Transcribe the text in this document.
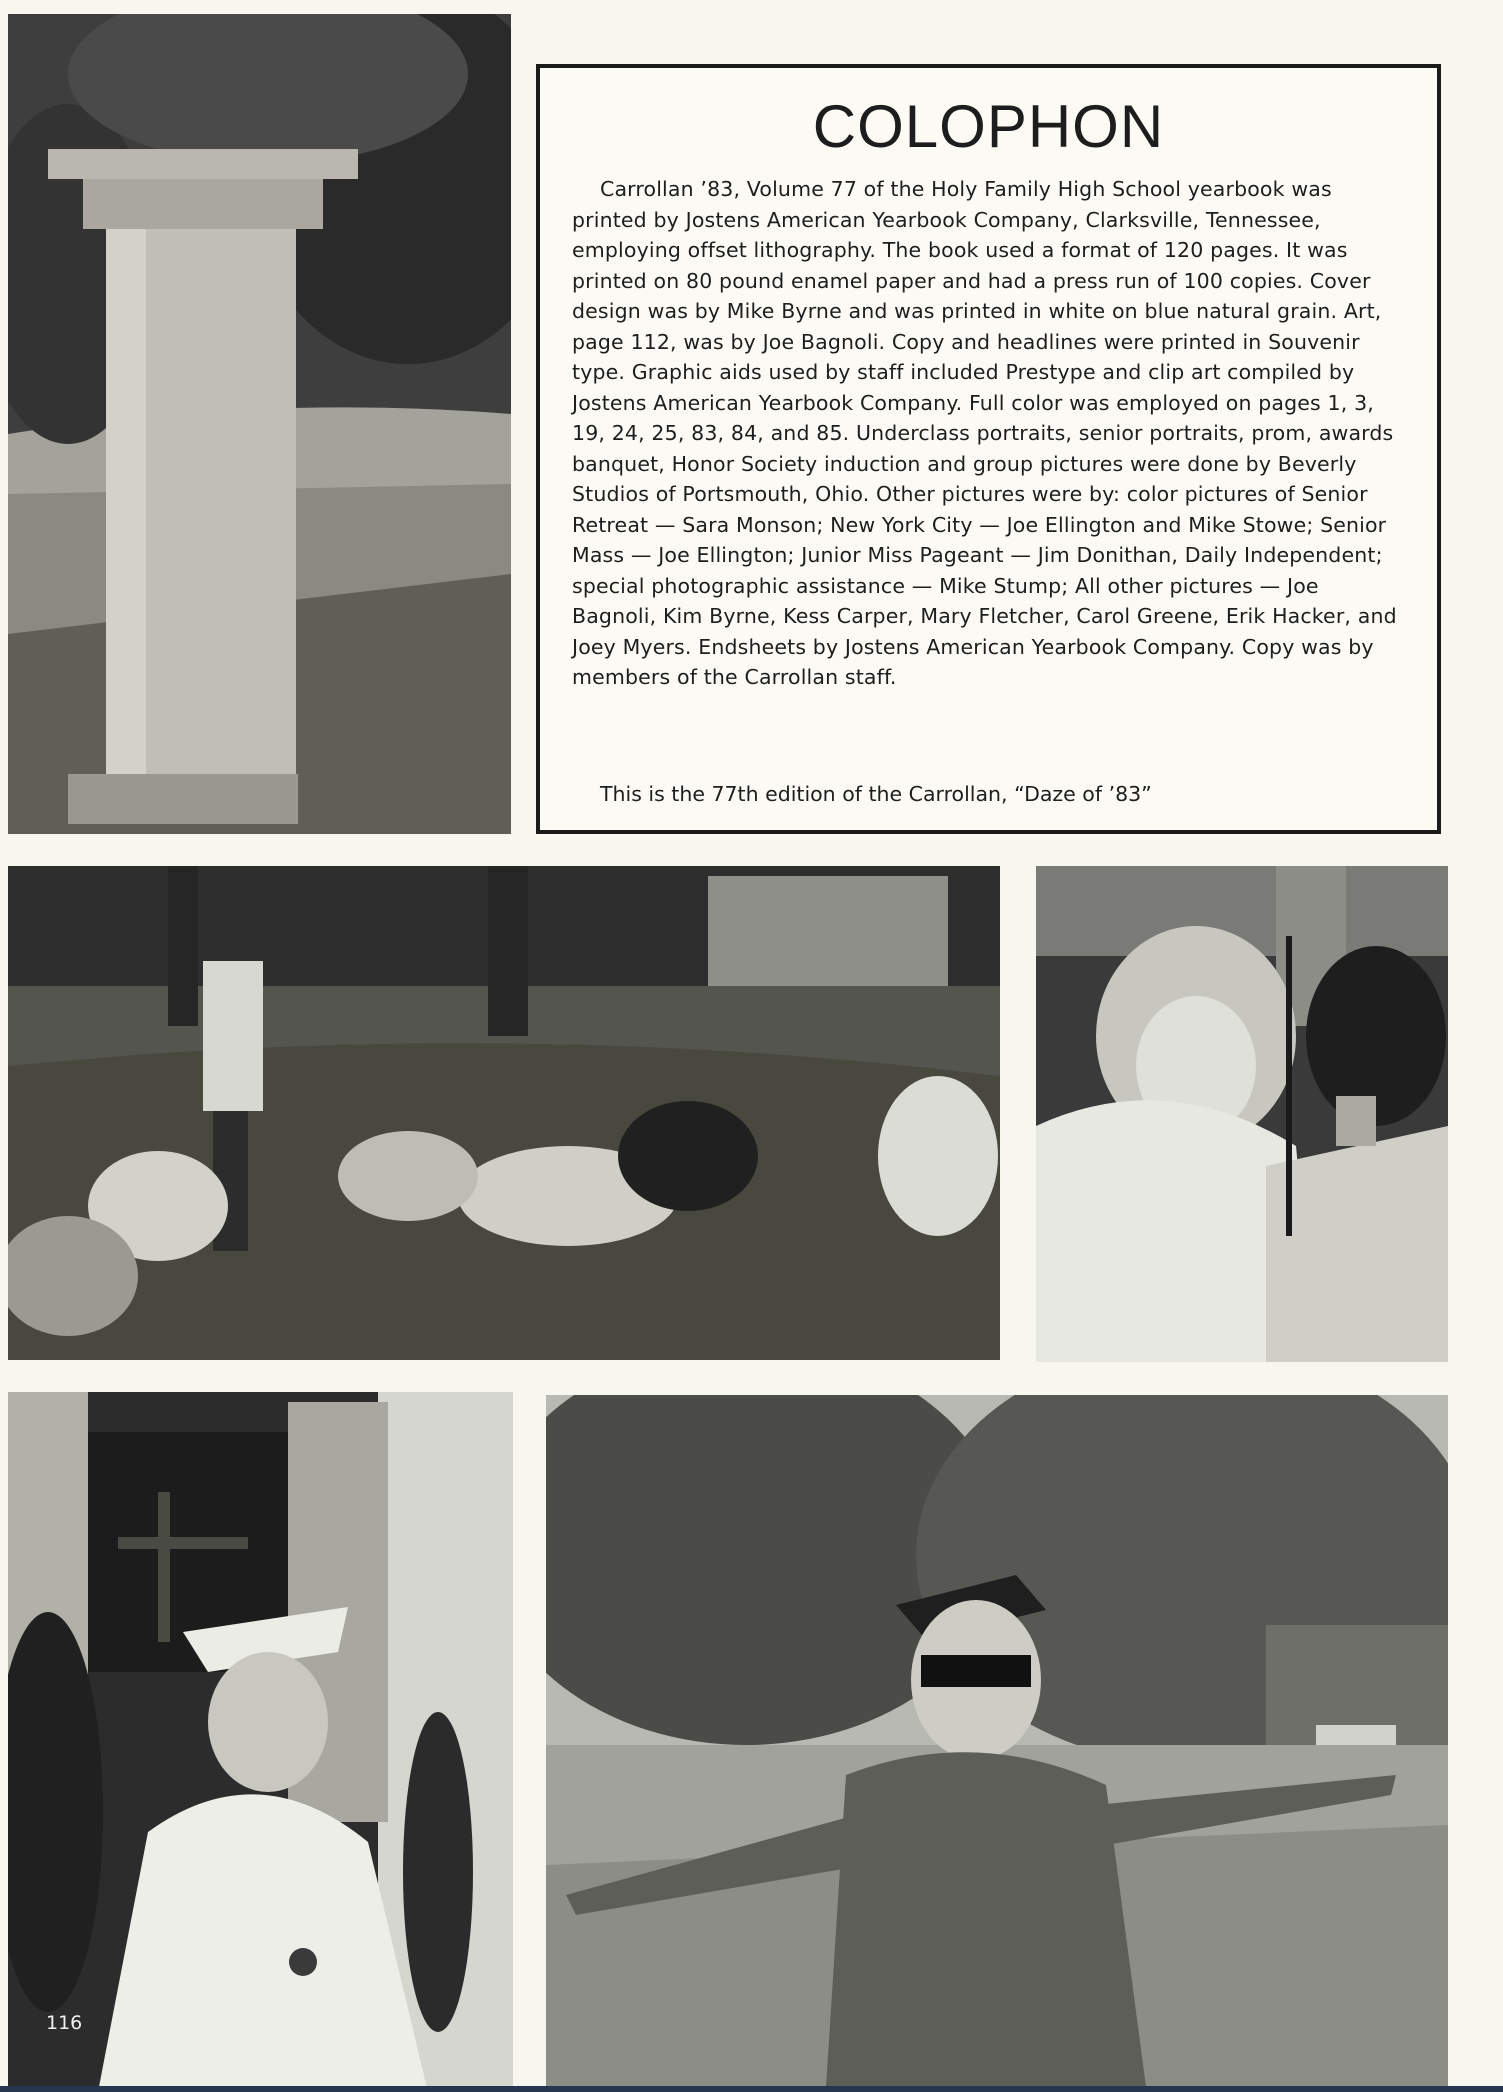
COLOPHON
Carrollan ’83, Volume 77 of the Holy Family High School yearbook was printed by Jostens American Yearbook Company, Clarksville, Tennessee, employing offset lithography. The book used a format of 120 pages. It was printed on 80 pound enamel paper and had a press run of 100 copies. Cover design was by Mike Byrne and was printed in white on blue natural grain. Art, page 112, was by Joe Bagnoli. Copy and headlines were printed in Souvenir type. Graphic aids used by staff included Prestype and clip art compiled by Jostens American Yearbook Company. Full color was employed on pages 1, 3, 19, 24, 25, 83, 84, and 85. Underclass portraits, senior portraits, prom, awards banquet, Honor Society induction and group pictures were done by Beverly Studios of Portsmouth, Ohio. Other pictures were by: color pictures of Senior Retreat — Sara Monson; New York City — Joe Ellington and Mike Stowe; Senior Mass — Joe Ellington; Junior Miss Pageant — Jim Donithan, Daily Independent; special photographic assistance — Mike Stump; All other pictures — Joe Bagnoli, Kim Byrne, Kess Carper, Mary Fletcher, Carol Greene, Erik Hacker, and Joey Myers. Endsheets by Jostens American Yearbook Company. Copy was by members of the Carrollan staff.
This is the 77th edition of the Carrollan, “Daze of ’83”
116
